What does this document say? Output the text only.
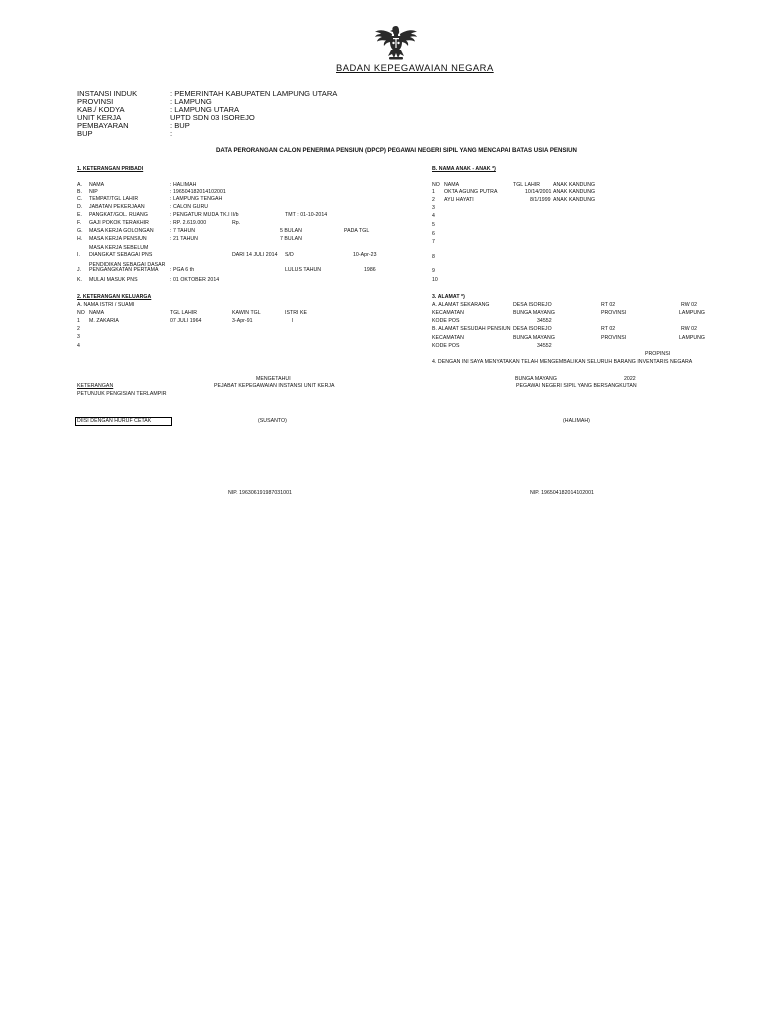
BADAN KEPEGAWAIAN NEGARA
INSTANSI INDUK	: PEMERINTAH KABUPATEN LAMPUNG UTARA
PROVINSI	: LAMPUNG
KAB./ KODYA	: LAMPUNG UTARA
UNIT KERJA	UPTD SDN 03 ISOREJO
PEMBAYARAN	: BUP
BUP	:
DATA PERORANGAN CALON PENERIMA PENSIUN (DPCP) PEGAWAI NEGERI SIPIL YANG MENCAPAI BATAS USIA PENSIUN
1. KETERANGAN PRIBADI
A. NAMA	: HALIMAH
B. NIP	: 196504182014102001
C. TEMPAT/TGL LAHIR	: LAMPUNG TENGAH
D. JABATAN PEKERJAAN	: CALON GURU
E. PANGKAT/GOL. RUANG	: PENGATUR MUDA TK.I II/b	TMT : 01-10-2014
F. GAJI POKOK TERAKHIR	: RP. 2.619.000	Rp.
G. MASA KERJA GOLONGAN	: 7 TAHUN	5 BULAN	PADA TGL
H. MASA KERJA PENSIUN	: 21 TAHUN	7 BULAN
MASA KERJA SEBELUM
I. DIANGKAT SEBAGAI PNS	DARI 14 JULI 2014 S/D	10-Apr-23
PENDIDIKAN SEBAGAI DASAR
J. PENGANGKATAN PERTAMA : PGA 6 th	LULUS TAHUN	1986
K. MULAI MASUK PNS	: 01 OKTOBER 2014
B. NAMA ANAK - ANAK *)
NO NAMA	TGL LAHIR ANAK KANDUNG
1 OKTA AGUNG PUTRA	10/14/2001 ANAK KANDUNG
2 AYU HAYATI	8/1/1999 ANAK KANDUNG
3
4
5
6
7
8
9
10
2. KETERANGAN KELUARGA
A. NAMA ISTRI / SUAMI
NO NAMA	TGL LAHIR	KAWIN TGL	ISTRI KE
1 M. ZAKARIA	07 JULI 1964	3-Apr-91	I
2
3
4
3. ALAMAT *)
A. ALAMAT SEKARANG	DESA ISOREJO	RT 02	RW 02
KECAMATAN	BUNGA MAYANG	PROVINSI	LAMPUNG
KODE POS	34552
B. ALAMAT SESUDAH PENSIUN DESA ISOREJO	RT 02	RW 02
KECAMATAN	BUNGA MAYANG	PROVINSI	LAMPUNG
KODE POS	34552
PROPINSI
4. DENGAN INI SAYA MENYATAKAN TELAH MENGEMBALIKAN SELURUH BARANG INVENTARIS NEGARA
BUNGA MAYANG	2022
MENGETAHUI
PEJABAT KEPEGAWAIAN INSTANSI UNIT KERJA	PEGAWAI NEGERI SIPIL YANG BERSANGKUTAN
KETERANGAN
PETUNJUK PENGISIAN TERLAMPIR
DIISI DENGAN HURUF CETAK	(SUSANTO)	(HALIMAH)
NIP. 196306191987031001	NIP. 196504182014102001
